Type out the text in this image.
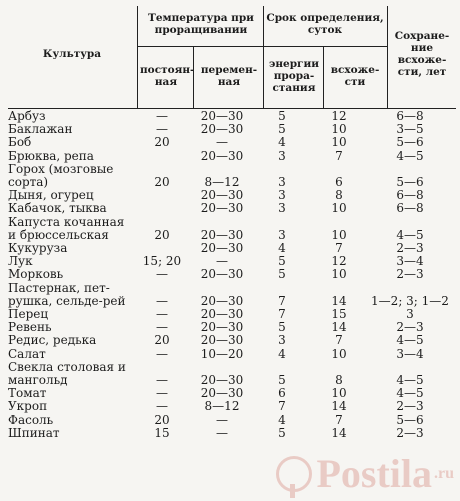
Культура
Температура при проращивании
постоян-ная
перемен-ная
Срок определения, суток
энергии прора-стания
всхоже-сти
Сохране-ние всхоже-сти, лет
Арбуз	—	20—30	5	12	6—8
Баклажан	—	20—30	5	10	3—5
Боб	20	—	4	10	5—6
Брюква, репа		20—30	3	7	4—5
Горох (мозговые сорта)	20	8—12	3	6	5—6
Дыня, огурец		20—30	3	8	6—8
Кабачок, тыква		20—30	3	10	6—8
Капуста кочанная и брюссельская	20	20—30	3	10	4—5
Кукуруза		20—30	4	7	2—3
Лук	15; 20	—	5	12	3—4
Морковь	—	20—30	5	10	2—3
Пастернак, пет-рушка, сельде-рей	—	20—30	7	14	1—2; 3; 1—2
Перец	—	20—30	7	15	3
Ревень	—	20—30	5	14	2—3
Редис, редька	20	20—30	3	7	4—5
Салат	—	10—20	4	10	3—4
Свекла столовая и мангольд	—	20—30	5	8	4—5
Томат	—	20—30	6	10	4—5
Укроп	—	8—12	7	14	2—3
Фасоль	20	—	4	7	5—6
Шпинат	15	—	5	14	2—3
Postila .ru
